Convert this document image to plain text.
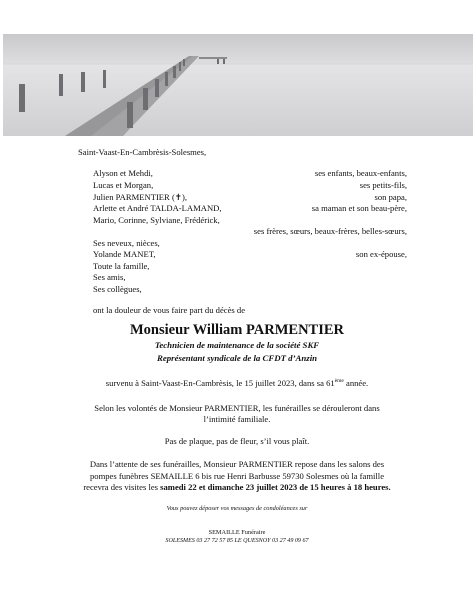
Saint-Vaast-En-Cambrèsis-Solesmes,
Alyson et Mehdi,	ses enfants, beaux-enfants,
Lucas et Morgan,	ses petits-fils,
Julien PARMENTIER (✝),	son papa,
Arlette et André TALDA-LAMAND,	sa maman et son beau-père,
Mario, Corinne, Sylviane, Frédérick,
ses frères, sœurs, beaux-frères, belles-sœurs,
Ses neveux, nièces,
Yolande MANET,	son ex-épouse,
Toute la famille,
Ses amis,
Ses collègues,
ont la douleur de vous faire part du décès de
Monsieur William PARMENTIER
Technicien de maintenance de la société SKF
Représentant syndicale de la CFDT d’Anzin
survenu à Saint-Vaast-En-Cambrèsis, le 15 juillet 2023, dans sa 61ème année.
Selon les volontés de Monsieur PARMENTIER, les funérailles se dérouleront dans
l’intimité familiale.
Pas de plaque, pas de fleur, s’il vous plaît.
Dans l’attente de ses funérailles, Monsieur PARMENTIER repose dans les salons des
pompes funèbres SEMAILLE 6 bis rue Henri Barbusse 59730 Solesmes où la famille
recevra des visites les samedi 22 et dimanche 23 juillet 2023 de 15 heures à 18 heures.
Vous pouvez déposer vos messages de condoléances sur
SEMAILLE Funéraire
SOLESMES 03 27 72 57 85 LE QUESNOY 03 27 49 09 67
